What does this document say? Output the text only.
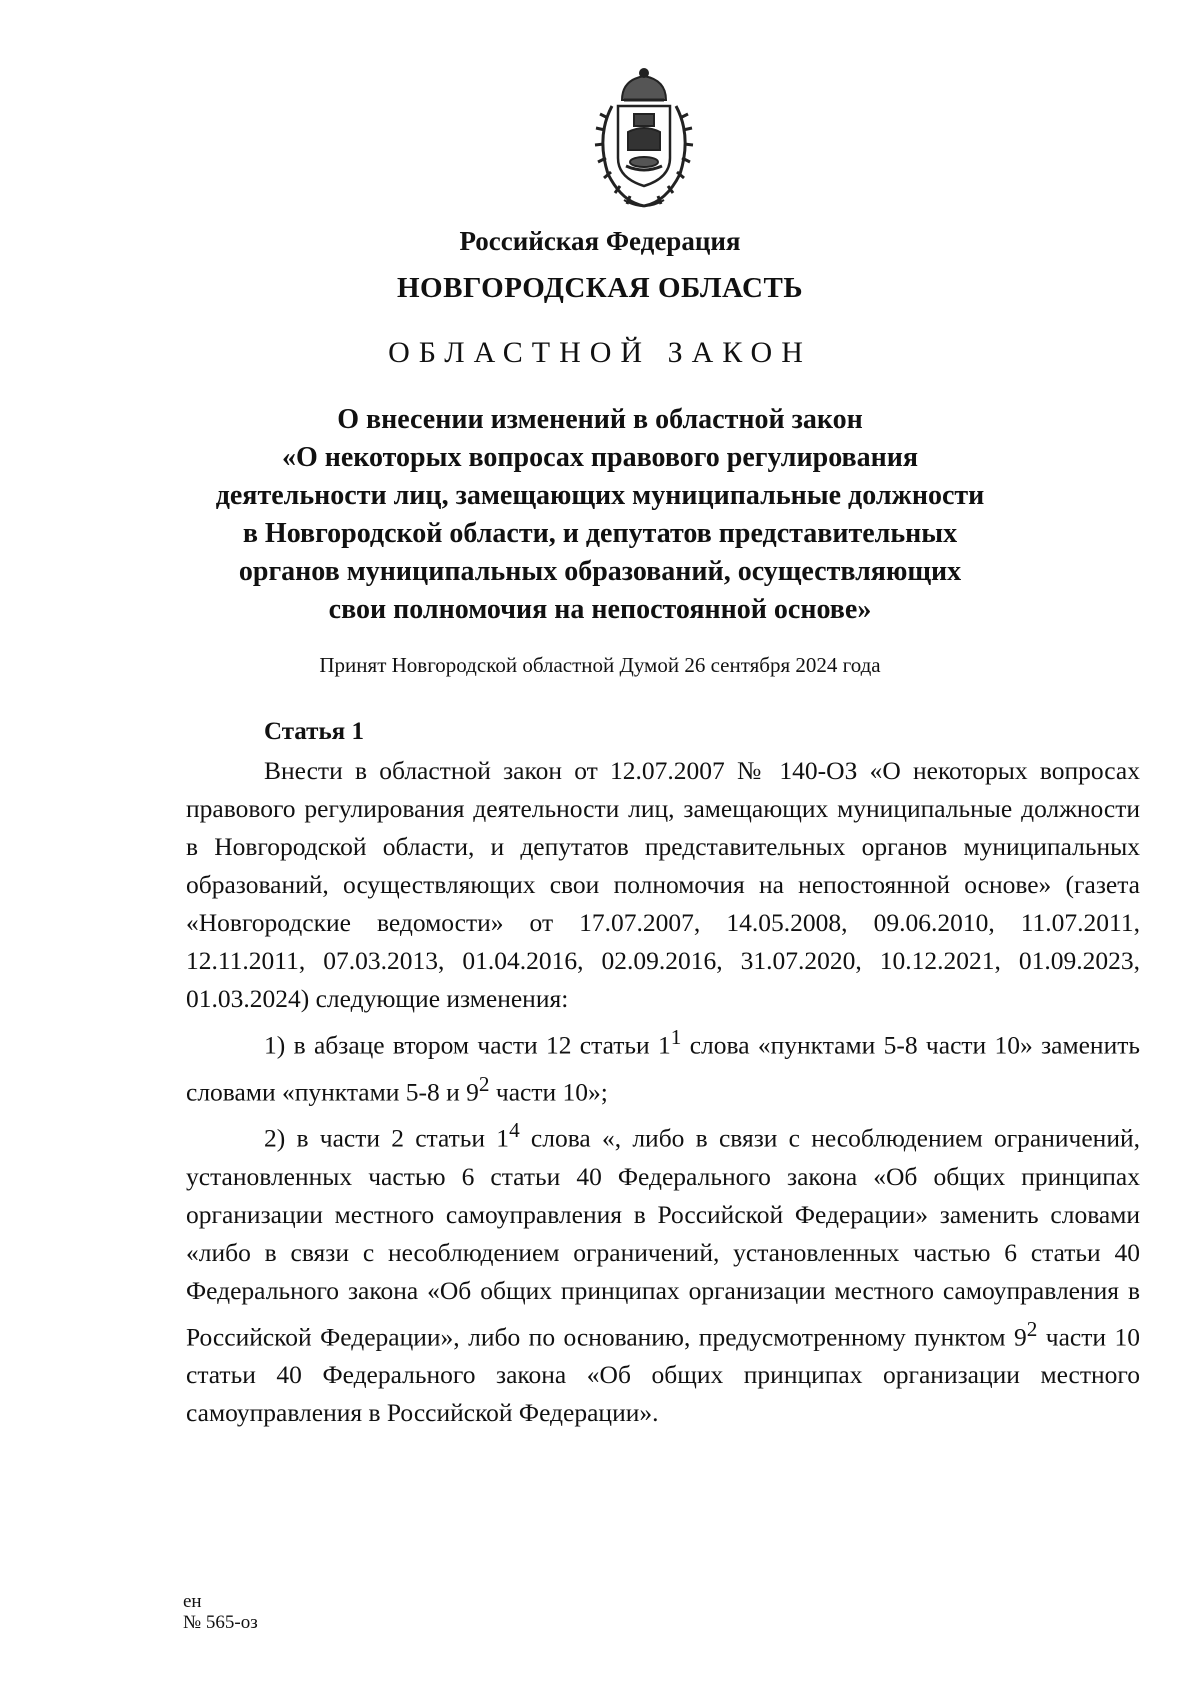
Российская Федерация
НОВГОРОДСКАЯ ОБЛАСТЬ
ОБЛАСТНОЙ ЗАКОН
О внесении изменений в областной закон
«О некоторых вопросах правового регулирования
деятельности лиц, замещающих муниципальные должности
в Новгородской области, и депутатов представительных
органов муниципальных образований, осуществляющих
свои полномочия на непостоянной основе»
Принят Новгородской областной Думой 26 сентября 2024 года
Статья 1

Внести в областной закон от 12.07.2007 № 140-ОЗ «О некоторых вопросах правового регулирования деятельности лиц, замещающих муниципальные должности в Новгородской области, и депутатов представительных органов муниципальных образований, осуществляющих свои полномочия на непостоянной основе» (газета «Новгородские ведомости» от 17.07.2007, 14.05.2008, 09.06.2010, 11.07.2011, 12.11.2011, 07.03.2013, 01.04.2016, 02.09.2016, 31.07.2020, 10.12.2021, 01.09.2023, 01.03.2024) следующие изменения:

1) в абзаце втором части 12 статьи $1^1$ слова «пунктами 5-8 части 10» заменить словами «пунктами 5-8 и $9^2$ части 10»;

2) в части 2 статьи $1^4$ слова «, либо в связи с несоблюдением ограничений, установленных частью 6 статьи 40 Федерального закона «Об общих принципах организации местного самоуправления в Российской Федерации» заменить словами «либо в связи с несоблюдением ограничений, установленных частью 6 статьи 40 Федерального закона «Об общих принципах организации местного самоуправления в Российской Федерации», либо по основанию, предусмотренному пунктом $9^2$ части 10 статьи 40 Федерального закона «Об общих принципах организации местного самоуправления в Российской Федерации».

ен
№ 565-оз
